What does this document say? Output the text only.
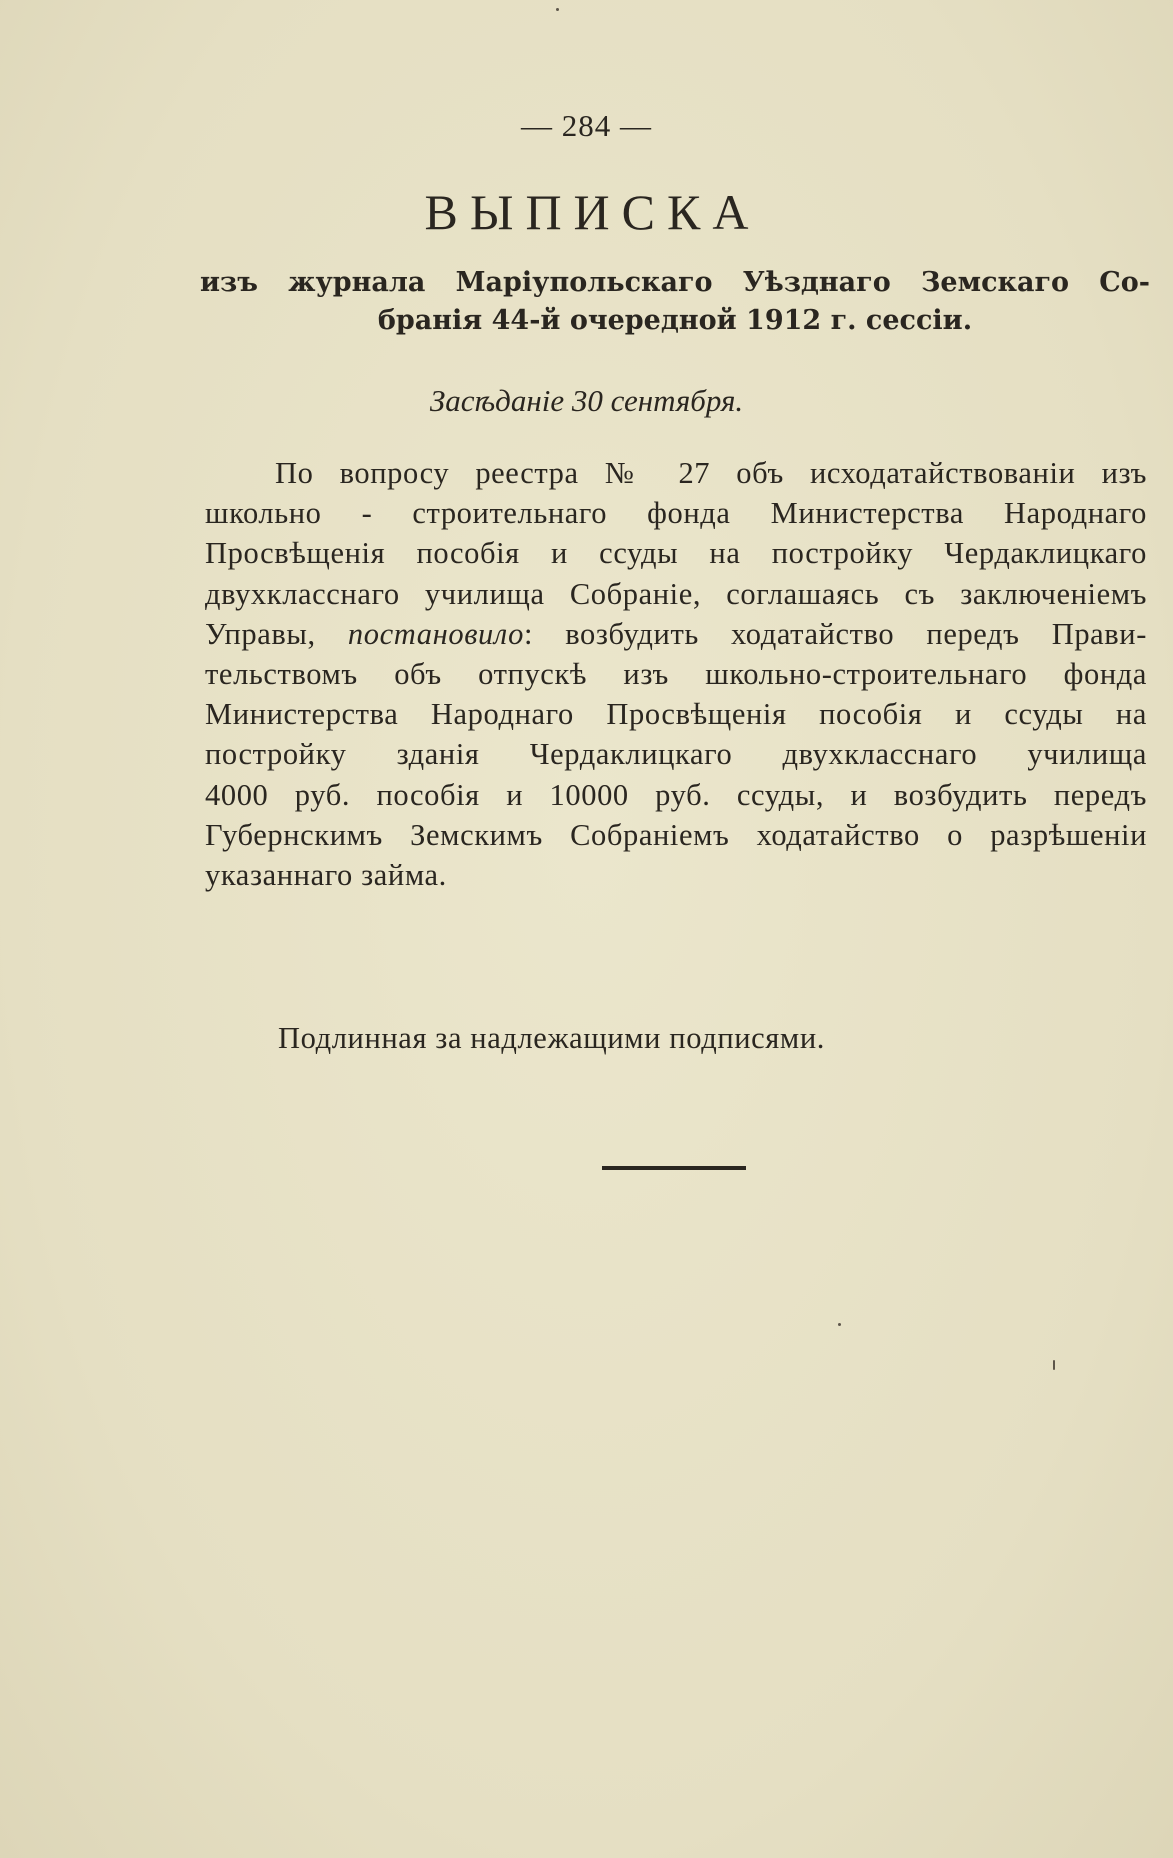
— 284 —
ВЫПИСКА
изъ журнала Маріупольскаго Уѣзднаго Земскаго Со-
бранія 44-й очередной 1912 г. сессіи.
Засѣданіе 30 сентября.
По вопросу реестра № 27 объ исходатайствованіи изъ
школьно - строительнаго фонда Министерства Народнаго
Просвѣщенія пособія и ссуды на постройку Чердаклицкаго
двухкласснаго училища Собраніе, соглашаясь съ заключеніемъ
Управы, постановило: возбудить ходатайство передъ Прави-
тельствомъ объ отпускѣ изъ школьно-строительнаго фонда
Министерства Народнаго Просвѣщенія пособія и ссуды на
постройку зданія Чердаклицкаго двухкласснаго училища
4000 руб. пособія и 10000 руб. ссуды, и возбудить передъ
Губернскимъ Земскимъ Собраніемъ ходатайство о разрѣшеніи
указаннаго займа.
Подлинная за надлежащими подписями.
